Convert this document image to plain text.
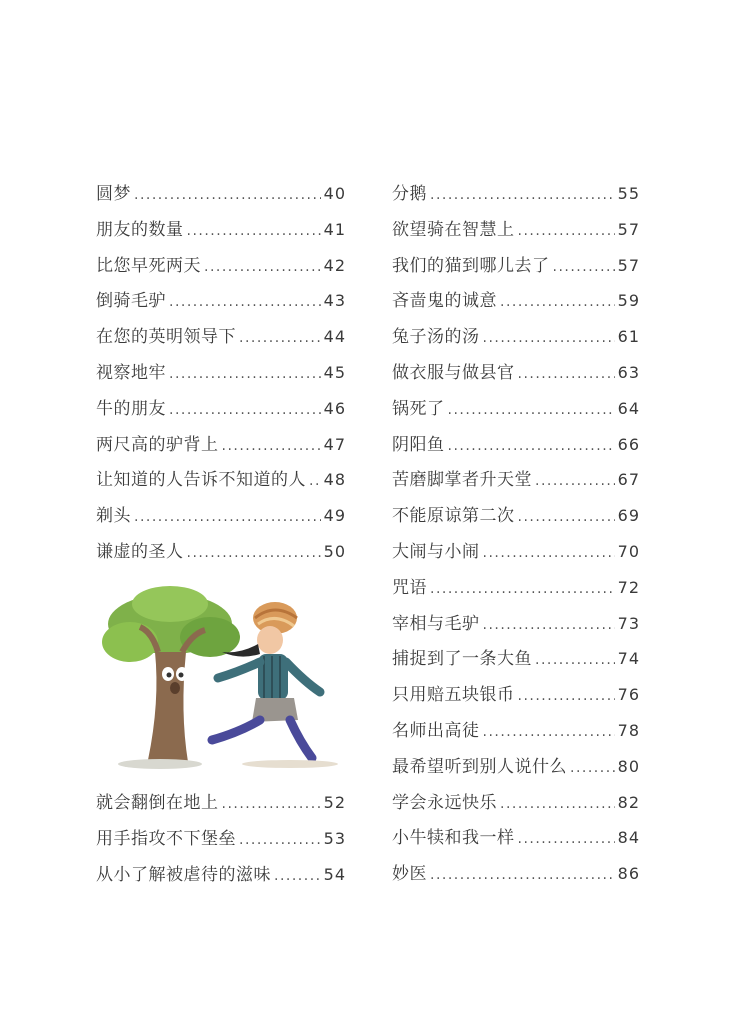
圆梦 .....	40
朋友的数量 .....	41
比您早死两天 .....	42
倒骑毛驴 .....	43
在您的英明领导下 .....	44
视察地牢 .....	45
牛的朋友 .....	46
两尺高的驴背上 .....	47
让知道的人告诉不知道的人 ..... 48
剃头 .....	49
谦虚的圣人 .....	50
就会翻倒在地上 .....	52
用手指攻不下堡垒 .....	53
从小了解被虐待的滋味 .....	54
分鹅 .....	55
欲望骑在智慧上 .....	57
我们的猫到哪儿去了 .....	57
吝啬鬼的诚意 .....	59
兔子汤的汤 .....	61
做衣服与做县官 .....	63
锅死了 .....	64
阴阳鱼 .....	66
苦磨脚掌者升天堂 .....	67
不能原谅第二次 .....	69
大闹与小闹 .....	70
咒语 .....	72
宰相与毛驴 .....	73
捕捉到了一条大鱼 .....	74
只用赔五块银币 .....	76
名师出高徒 .....	78
最希望听到别人说什么 .....	80
学会永远快乐 .....	82
小牛犊和我一样 .....	84
妙医 .....	86
